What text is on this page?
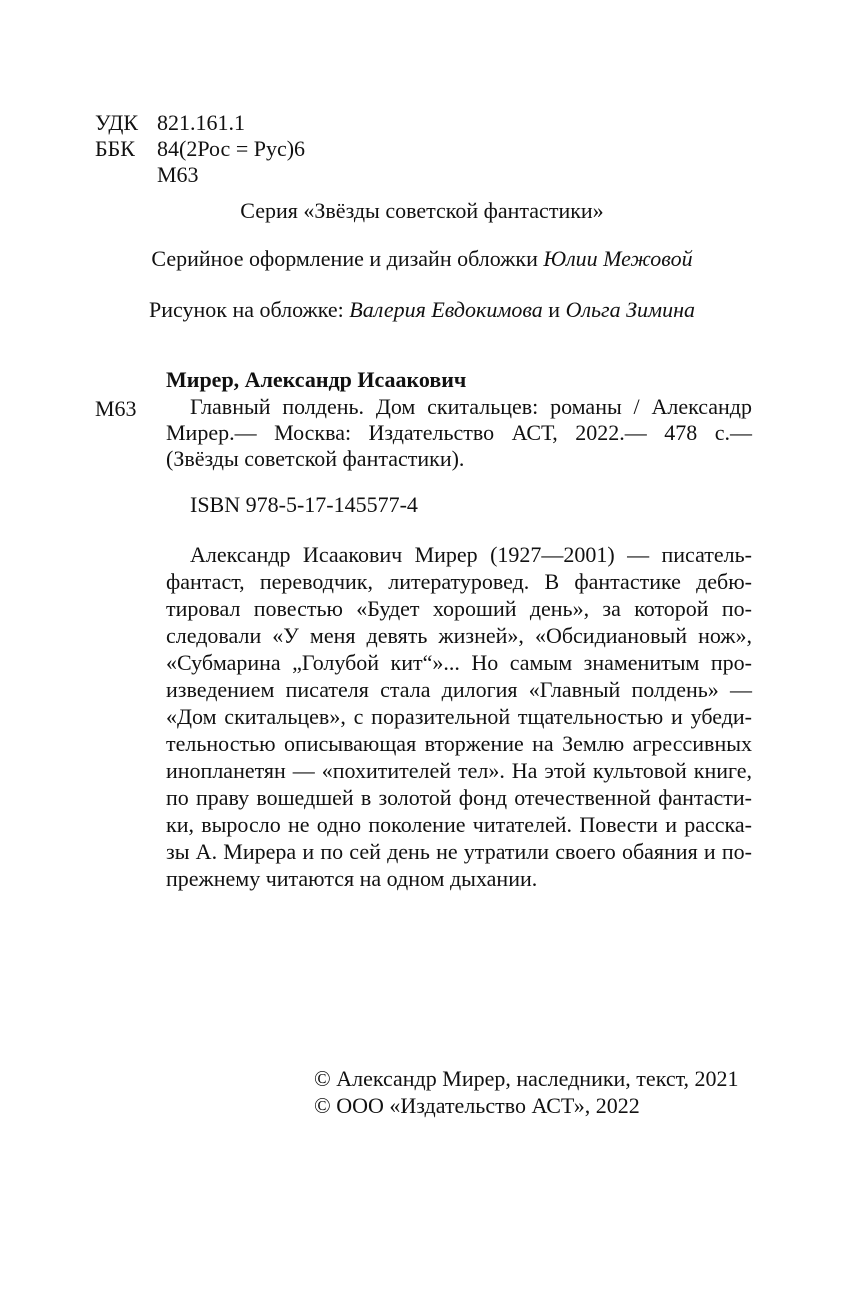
УДК 821.161.1
ББК 84(2Рос = Рус)6
М63
Серия «Звёзды советской фантастики»
Серийное оформление и дизайн обложки Юлии Межовой
Рисунок на обложке: Валерия Евдокимова и Ольга Зимина
Мирер, Александр Исаакович
М63 Главный полдень. Дом скитальцев: романы / Александр
Мирер.— Москва: Издательство АСТ, 2022.— 478 с.—
(Звёзды советской фантастики).
ISBN 978-5-17-145577-4
Александр Исаакович Мирер (1927—2001) — писатель-
фантаст, переводчик, литературовед. В фантастике дебю-
тировал повестью «Будет хороший день», за которой по-
следовали «У меня девять жизней», «Обсидиановый нож»,
«Субмарина „Голубой кит“»... Но самым знаменитым про-
изведением писателя стала дилогия «Главный полдень» —
«Дом скитальцев», с поразительной тщательностью и убеди-
тельностью описывающая вторжение на Землю агрессивных
инопланетян — «похитителей тел». На этой культовой книге,
по праву вошедшей в золотой фонд отечественной фантасти-
ки, выросло не одно поколение читателей. Повести и расска-
зы А. Мирера и по сей день не утратили своего обаяния и по-
прежнему читаются на одном дыхании.
© Александр Мирер, наследники, текст, 2021
© ООО «Издательство АСТ», 2022
